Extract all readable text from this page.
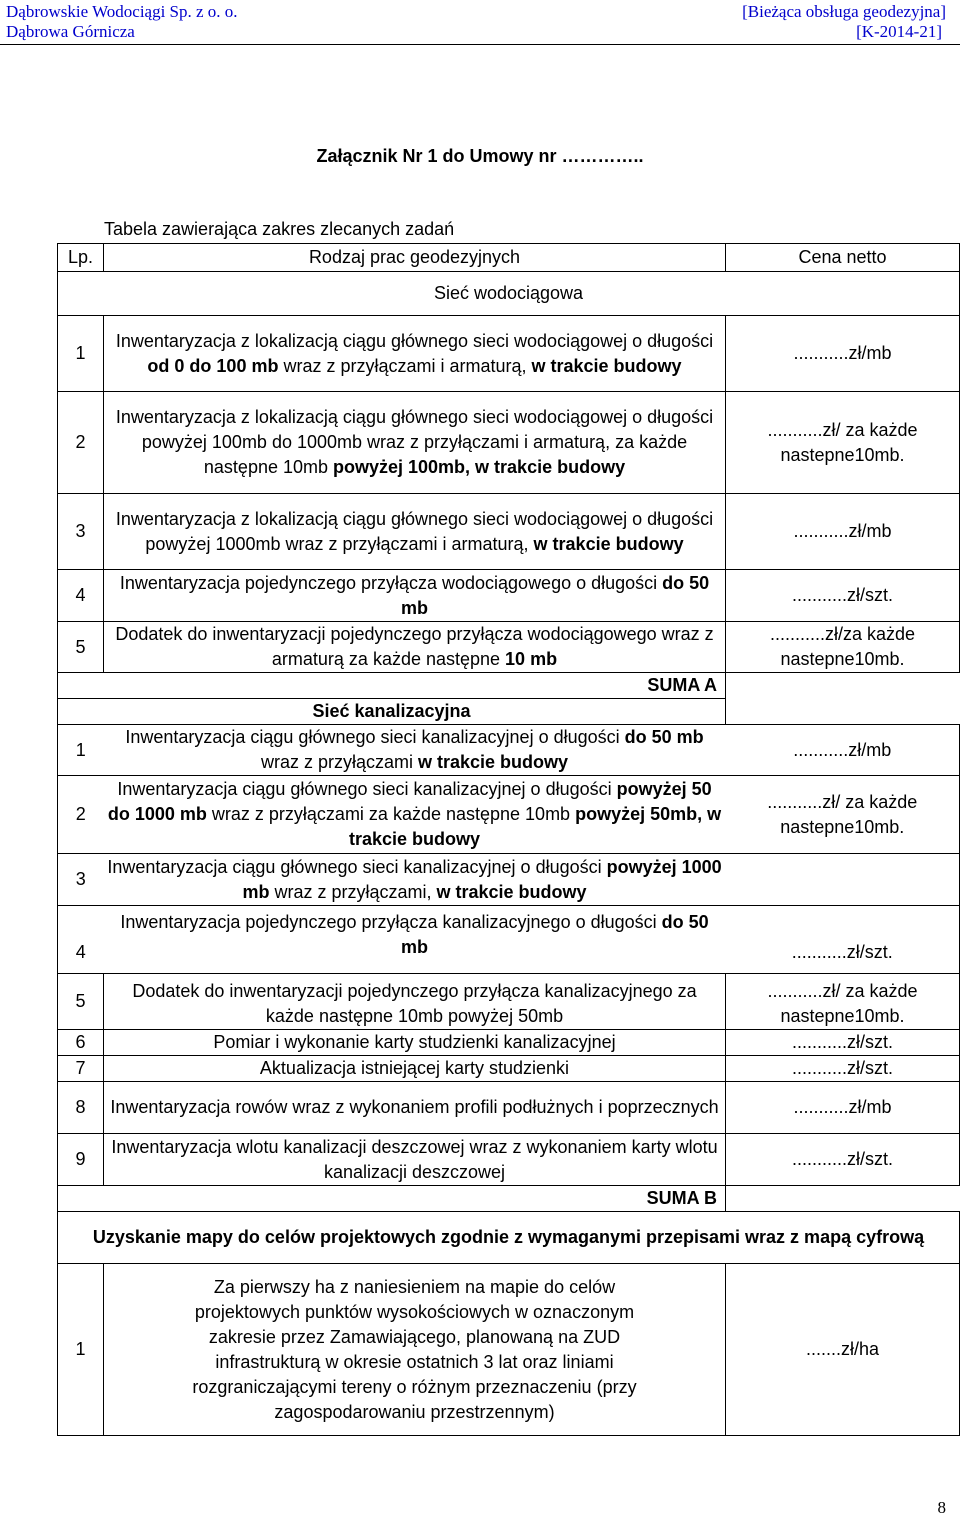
Dąbrowskie Wodociągi Sp. z o. o.
Dąbrowa Górnicza
[Bieżąca obsługa geodezyjna]
[K-2014-21]
Załącznik Nr 1 do Umowy nr …………..
Tabela zawierająca zakres zlecanych zadań
Lp.	Rodzaj prac geodezyjnych	Cena netto
Sieć wodociągowa		
1	Inwentaryzacja z lokalizacją ciągu głównego sieci wodociągowej o długości od 0 do 100 mb wraz z przyłączami i armaturą, w trakcie budowy	...........zł/mb
2	Inwentaryzacja z lokalizacją ciągu głównego sieci wodociągowej o długości powyżej 100mb do 1000mb wraz z przyłączami i armaturą, za każde następne 10mb powyżej 100mb, w trakcie budowy	...........zł/ za każde
nastepne10mb.
3	Inwentaryzacja z lokalizacją ciągu głównego sieci wodociągowej o długości powyżej 1000mb wraz z przyłączami i armaturą, w trakcie budowy	...........zł/mb
4	Inwentaryzacja pojedynczego przyłącza wodociągowego o długości do 50 mb	...........zł/szt.
5	Dodatek do inwentaryzacji pojedynczego przyłącza wodociągowego wraz z armaturą za każde następne 10 mb	...........zł/za każde
nastepne10mb.
SUMA A		
Sieć kanalizacyjna		
1	Inwentaryzacja ciągu głównego sieci kanalizacyjnej o długości do 50 mb wraz z przyłączami w trakcie budowy	...........zł/mb
2	Inwentaryzacja ciągu głównego sieci kanalizacyjnej o długości powyżej 50 do 1000 mb wraz z przyłączami za każde następne 10mb powyżej 50mb, w trakcie budowy	...........zł/ za każde
nastepne10mb.
3	Inwentaryzacja ciągu głównego sieci kanalizacyjnej o długości powyżej 1000 mb wraz z przyłączami, w trakcie budowy	
4	Inwentaryzacja pojedynczego przyłącza kanalizacyjnego o długości do 50 mb	...........zł/szt.
5	Dodatek do inwentaryzacji pojedynczego przyłącza kanalizacyjnego za każde następne 10mb powyżej 50mb	...........zł/ za każde
nastepne10mb.
6	Pomiar i wykonanie karty studzienki kanalizacyjnej	...........zł/szt.
7	Aktualizacja istniejącej karty studzienki	...........zł/szt.
8	Inwentaryzacja rowów wraz z wykonaniem profili podłużnych i poprzecznych	...........zł/mb
9	Inwentaryzacja wlotu kanalizacji deszczowej wraz z wykonaniem karty wlotu kanalizacji deszczowej	...........zł/szt.
SUMA B		
Uzyskanie mapy do celów projektowych zgodnie z wymaganymi przepisami wraz z mapą cyfrową		
1	Za pierwszy ha z naniesieniem na mapie do celów projektowych punktów wysokościowych w oznaczonym zakresie przez Zamawiającego, planowaną na ZUD infrastrukturą w okresie ostatnich 3 lat oraz liniami rozgraniczającymi tereny o różnym przeznaczeniu (przy zagospodarowaniu przestrzennym)	.......zł/ha
8
